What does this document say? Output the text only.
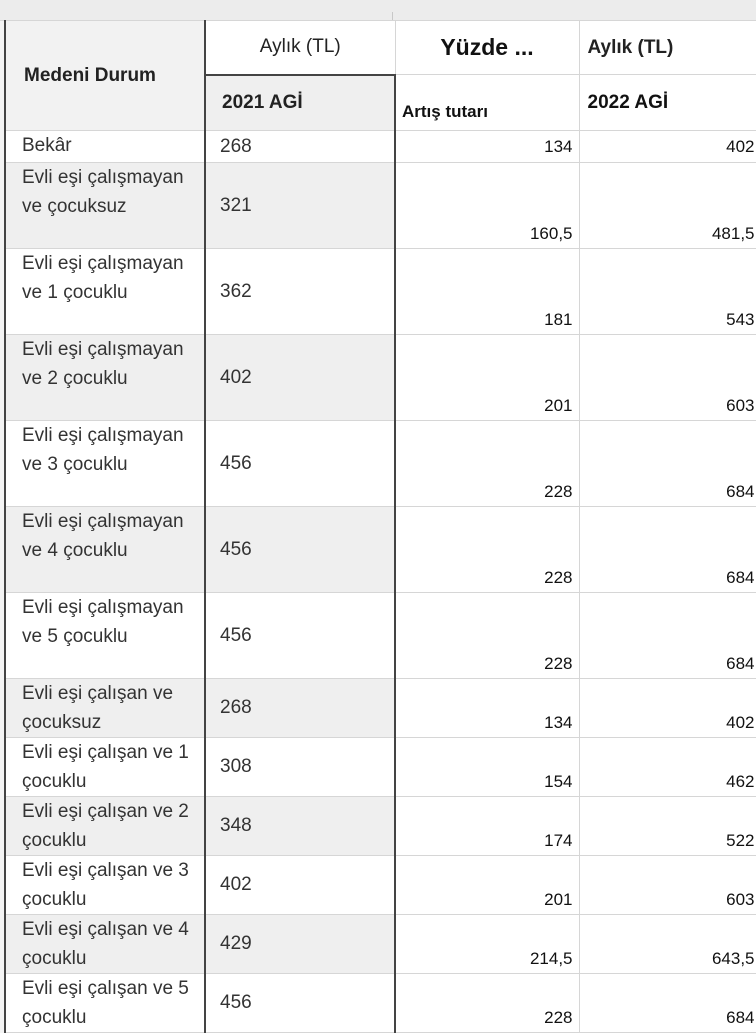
Medeni Durum	Aylık (TL)	Yüzde ...	Aylık (TL)
	2021 AGİ	Artış tutarı	2022 AGİ
Bekâr	268	134	402
Evli eşi çalışmayan ve çocuksuz	321	160,5	481,5
Evli eşi çalışmayan ve 1 çocuklu	362	181	543
Evli eşi çalışmayan ve 2 çocuklu	402	201	603
Evli eşi çalışmayan ve 3 çocuklu	456	228	684
Evli eşi çalışmayan ve 4 çocuklu	456	228	684
Evli eşi çalışmayan ve 5 çocuklu	456	228	684
Evli eşi çalışan ve çocuksuz	268	134	402
Evli eşi çalışan ve 1 çocuklu	308	154	462
Evli eşi çalışan ve 2 çocuklu	348	174	522
Evli eşi çalışan ve 3 çocuklu	402	201	603
Evli eşi çalışan ve 4 çocuklu	429	214,5	643,5
Evli eşi çalışan ve 5 çocuklu	456	228	684
